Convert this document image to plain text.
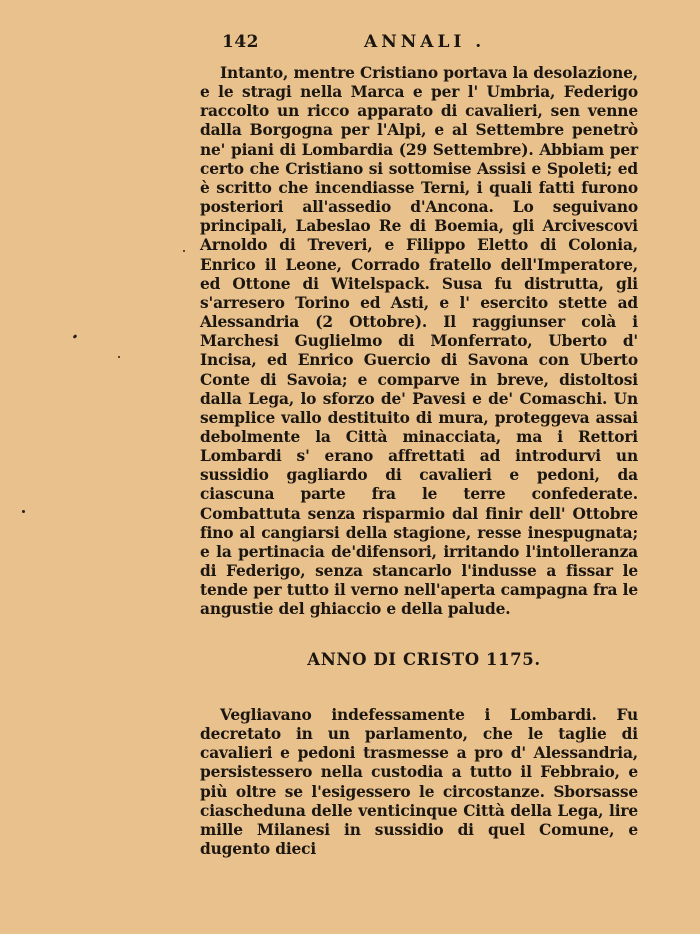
142	ANNALI .

Intanto, mentre Cristiano portava la desolazione, e le stragi nella Marca e per l' Umbria, Federigo raccolto un ricco apparato di cavalieri, sen venne dalla Borgogna per l'Alpi, e al Settembre penetrò ne' piani di Lombardia (29 Settembre). Abbiam per certo che Cristiano si sottomise Assisi e Spoleti; ed è scritto che incendiasse Terni, i quali fatti furono posteriori all'assedio d'Ancona. Lo seguivano principali, Labeslao Re di Boemia, gli Arcivescovi Arnoldo di Treveri, e Filippo Eletto di Colonia, Enrico il Leone, Corrado fratello dell'Imperatore, ed Ottone di Witelspack. Susa fu distrutta, gli s'arresero Torino ed Asti, e l' esercito stette ad Alessandria (2 Ottobre). Il raggiunser colà i Marchesi Guglielmo di Monferrato, Uberto d' Incisa, ed Enrico Guercio di Savona con Uberto Conte di Savoia; e comparve in breve, distoltosi dalla Lega, lo sforzo de' Pavesi e de' Comaschi. Un semplice vallo destituito di mura, proteggeva assai debolmente la Città minacciata, ma i Rettori Lombardi s' erano affrettati ad introdurvi un sussidio gagliardo di cavalieri e pedoni, da ciascuna parte fra le terre confederate. Combattuta senza risparmio dal finir dell' Ottobre fino al cangiarsi della stagione, resse inespugnata; e la pertinacia de'difensori, irritando l'intolleranza di Federigo, senza stancarlo l'indusse a fissar le tende per tutto il verno nell'aperta campagna fra le angustie del ghiaccio e della palude.

ANNO DI CRISTO 1175.

Vegliavano indefessamente i Lombardi. Fu decretato in un parlamento, che le taglie di cavalieri e pedoni trasmesse a pro d' Alessandria, persistessero nella custodia a tutto il Febbraio, e più oltre se l'esigessero le circostanze. Sborsasse ciascheduna delle venticinque Città della Lega, lire mille Milanesi in sussidio di quel Comune, e dugento dieci
